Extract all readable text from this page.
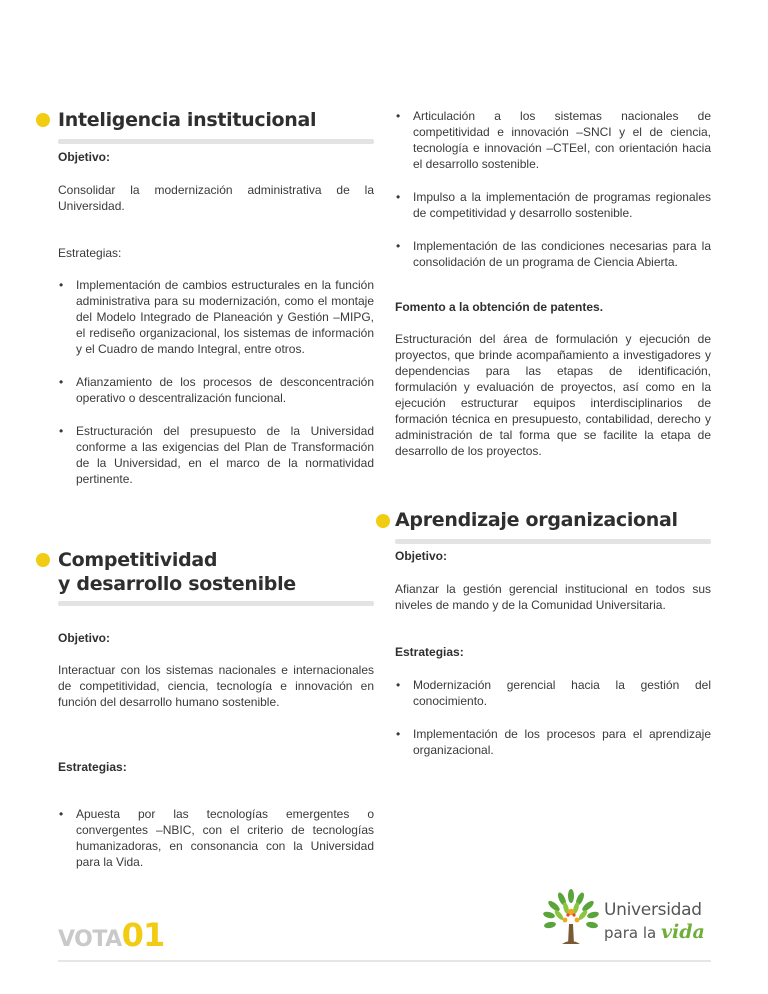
Inteligencia institucional

Objetivo:

Consolidar la modernización administrativa de la Universidad.

Estrategias:

• Implementación de cambios estructurales en la función administrativa para su modernización, como el montaje del Modelo Integrado de Planeación y Gestión –MIPG, el rediseño organizacional, los sistemas de información y el Cuadro de mando Integral, entre otros.
• Afianzamiento de los procesos de desconcentración operativo o descentralización funcional.
• Estructuración del presupuesto de la Universidad conforme a las exigencias del Plan de Transformación de la Universidad, en el marco de la normatividad pertinente.
Competitividad
y desarrollo sostenible

Objetivo:

Interactuar con los sistemas nacionales e internacionales de competitividad, ciencia, tecnología e innovación en función del desarrollo humano sostenible.

Estrategias:

• Apuesta por las tecnologías emergentes o convergentes –NBIC, con el criterio de tecnologías humanizadoras, en consonancia con la Universidad para la Vida.
• Articulación a los sistemas nacionales de competitividad e innovación –SNCI y el de ciencia, tecnología e innovación –CTEeI, con orientación hacia el desarrollo sostenible.
• Impulso a la implementación de programas regionales de competitividad y desarrollo sostenible.
• Implementación de las condiciones necesarias para la consolidación de un programa de Ciencia Abierta.

Fomento a la obtención de patentes.

Estructuración del área de formulación y ejecución de proyectos, que brinde acompañamiento a investigadores y dependencias para las etapas de identificación, formulación y evaluación de proyectos, así como en la ejecución estructurar equipos interdisciplinarios de formación técnica en presupuesto, contabilidad, derecho y administración de tal forma que se facilite la etapa de desarrollo de los proyectos.

Aprendizaje organizacional

Objetivo:

Afianzar la gestión gerencial institucional en todos sus niveles de mando y de la Comunidad Universitaria.

Estrategias:

• Modernización gerencial hacia la gestión del conocimiento.
• Implementación de los procesos para el aprendizaje organizacional.
VOTA01
Universidad
para la vida
